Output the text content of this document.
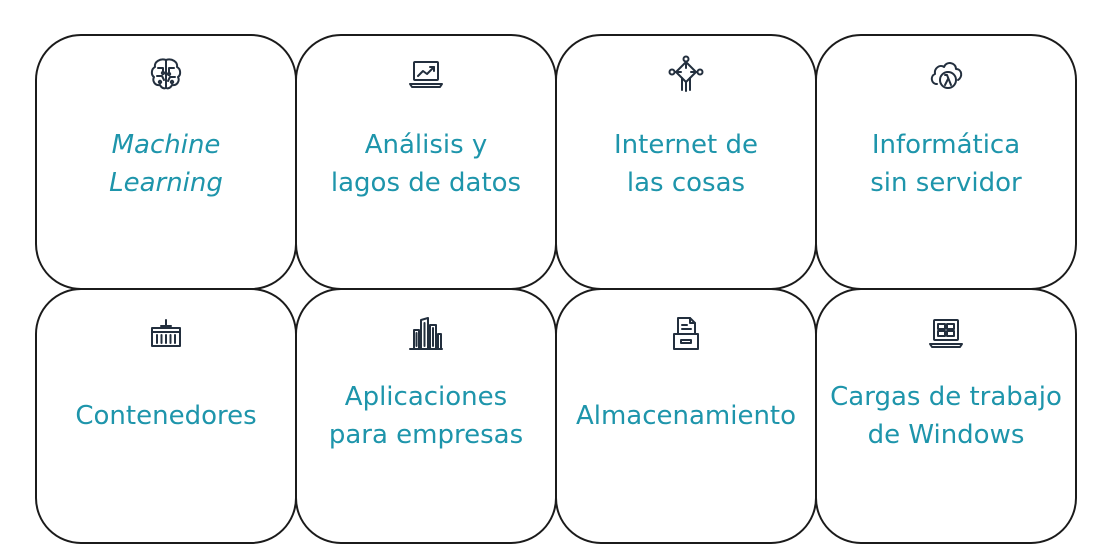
Machine
Learning
Análisis y
lagos de datos
Internet de
las cosas
Informática
sin servidor
Contenedores
Aplicaciones
para empresas
Almacenamiento
Cargas de trabajo
de Windows
